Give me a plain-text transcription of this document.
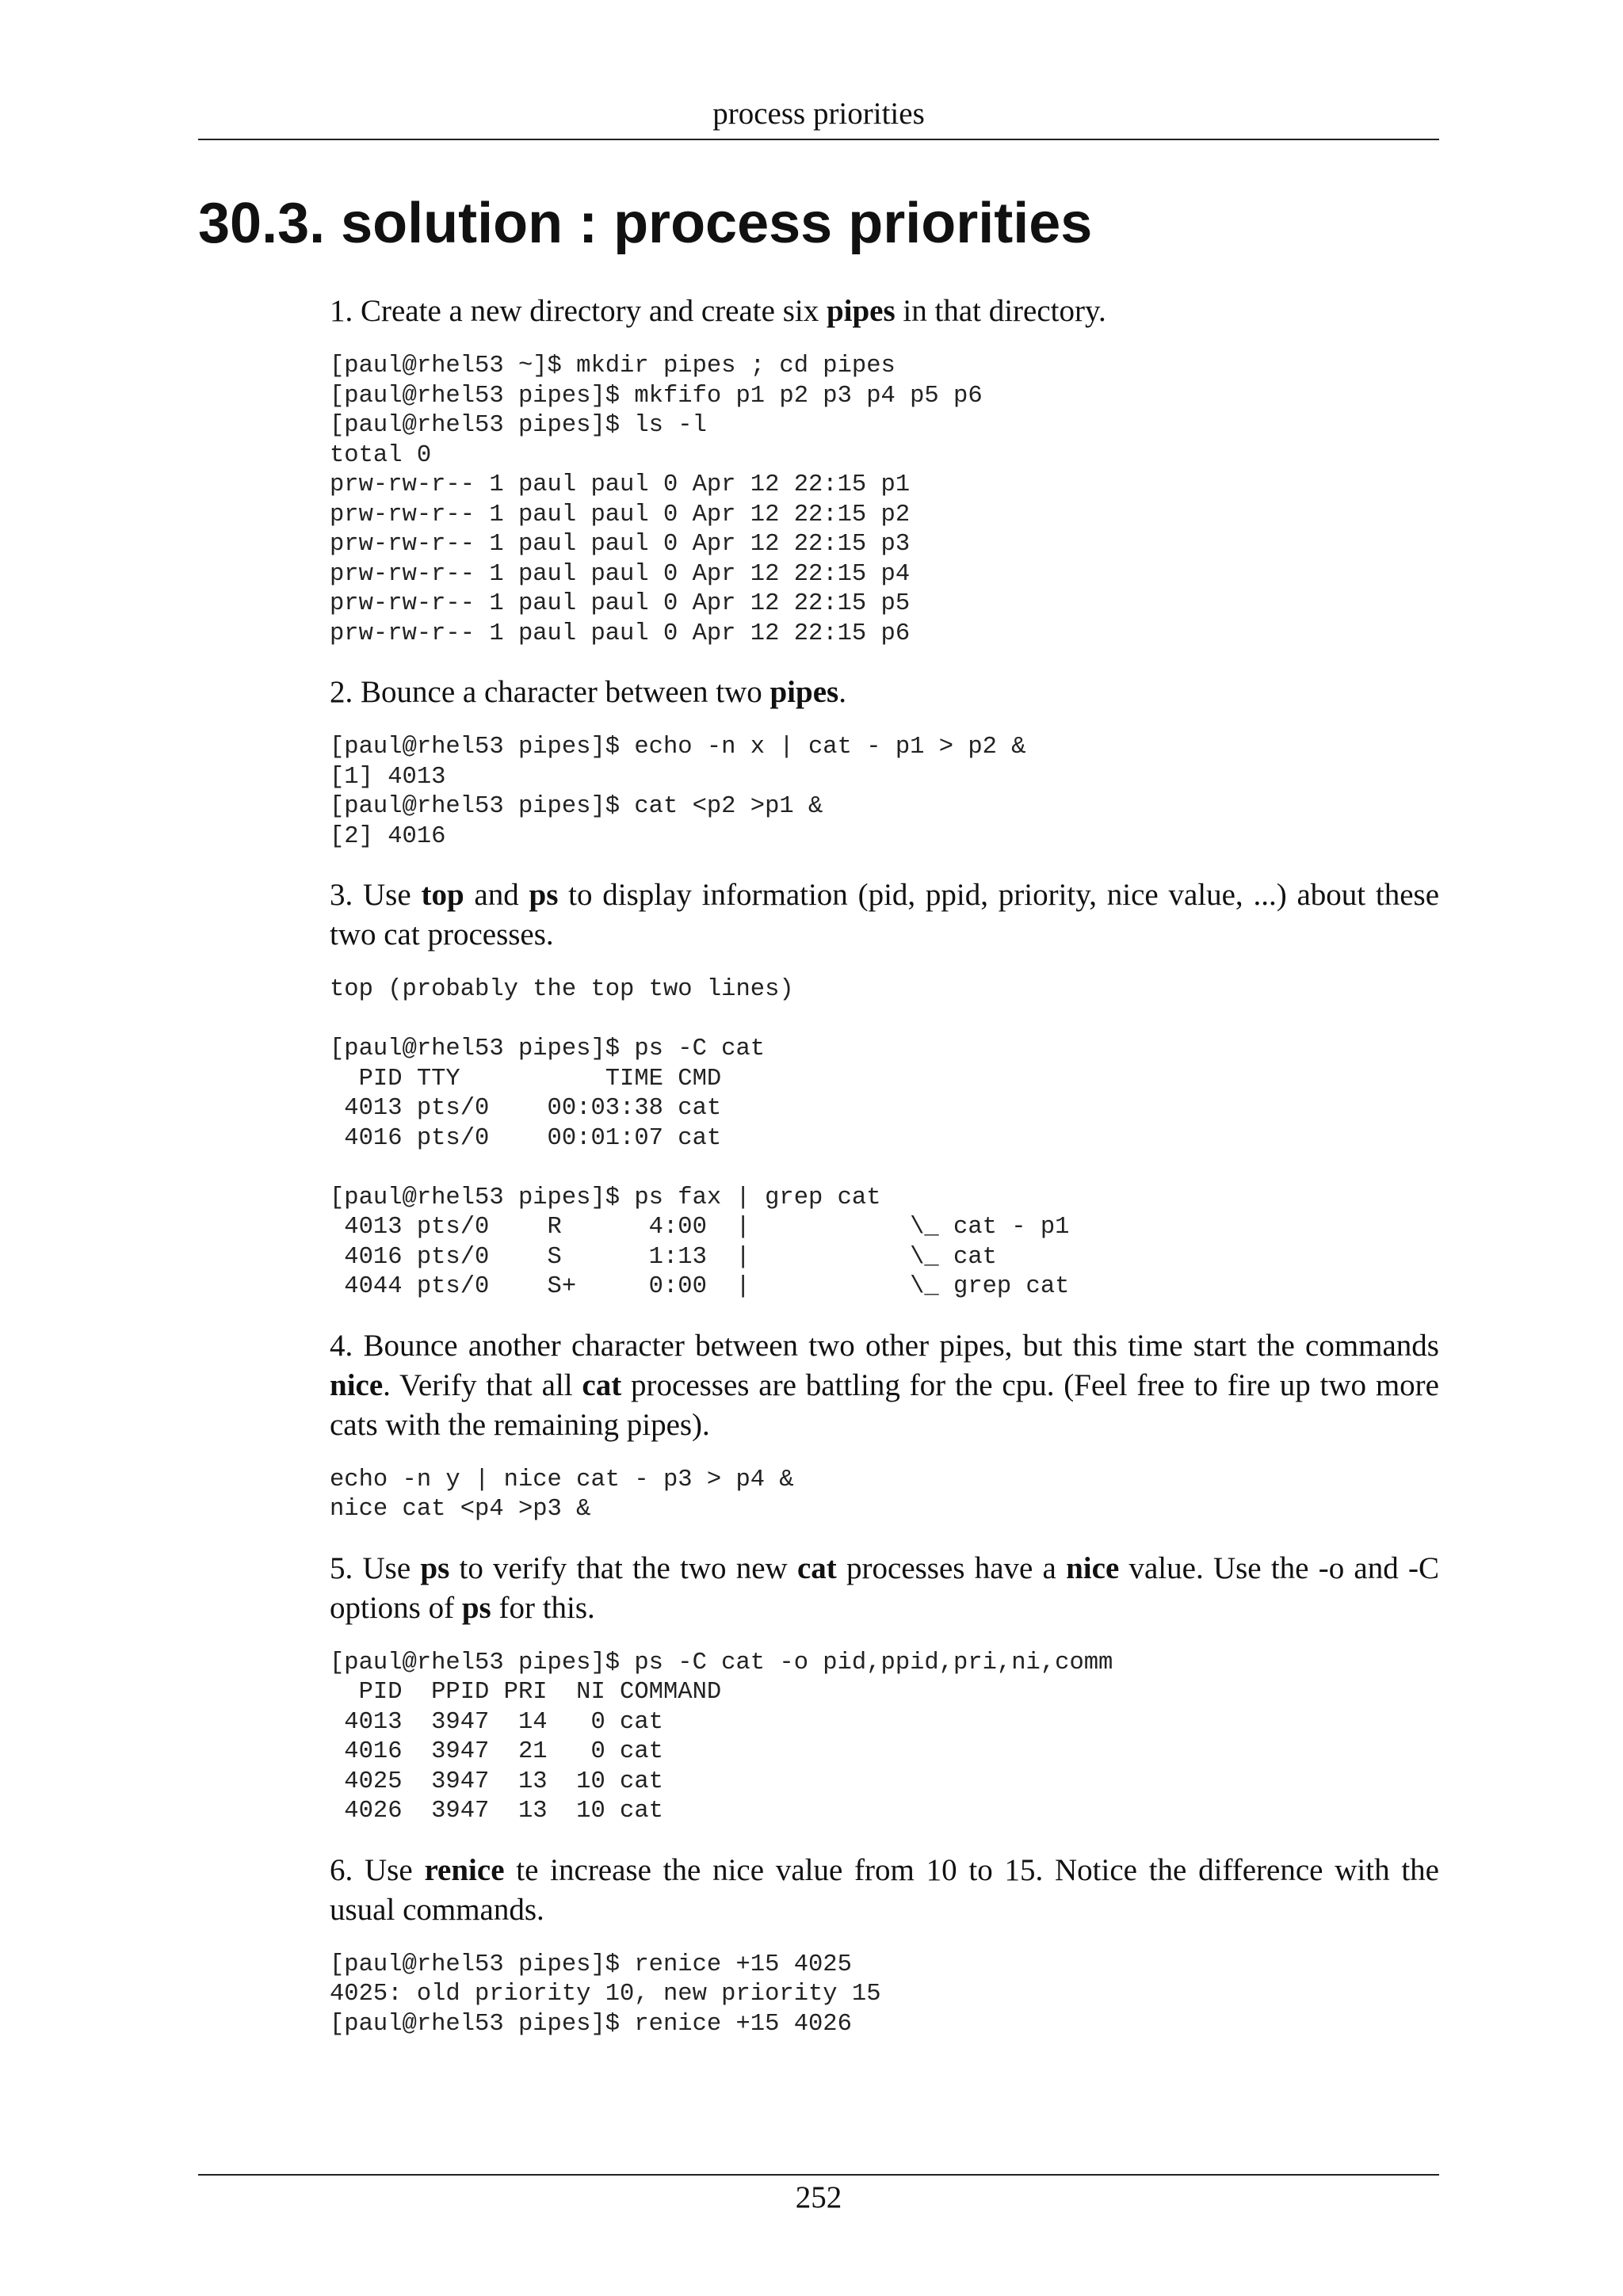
process priorities
30.3. solution : process priorities

1. Create a new directory and create six pipes in that directory.

[paul@rhel53 ~]$ mkdir pipes ; cd pipes
[paul@rhel53 pipes]$ mkfifo p1 p2 p3 p4 p5 p6
[paul@rhel53 pipes]$ ls -l
total 0
prw-rw-r-- 1 paul paul 0 Apr 12 22:15 p1
prw-rw-r-- 1 paul paul 0 Apr 12 22:15 p2
prw-rw-r-- 1 paul paul 0 Apr 12 22:15 p3
prw-rw-r-- 1 paul paul 0 Apr 12 22:15 p4
prw-rw-r-- 1 paul paul 0 Apr 12 22:15 p5
prw-rw-r-- 1 paul paul 0 Apr 12 22:15 p6

2. Bounce a character between two pipes.

[paul@rhel53 pipes]$ echo -n x | cat - p1 > p2 &
[1] 4013
[paul@rhel53 pipes]$ cat <p2 >p1 &
[2] 4016

3. Use top and ps to display information (pid, ppid, priority, nice value, ...) about these two cat processes.

top (probably the top two lines)

[paul@rhel53 pipes]$ ps -C cat
PID TTY          TIME CMD
4013 pts/0    00:03:38 cat
4016 pts/0    00:01:07 cat

[paul@rhel53 pipes]$ ps fax | grep cat
4013 pts/0    R      4:00  |           \_ cat - p1
4016 pts/0    S      1:13  |           \_ cat
4044 pts/0    S+     0:00  |           \_ grep cat

4. Bounce another character between two other pipes, but this time start the commands nice. Verify that all cat processes are battling for the cpu. (Feel free to fire up two more cats with the remaining pipes).

echo -n y | nice cat - p3 > p4 &
nice cat <p4 >p3 &

5. Use ps to verify that the two new cat processes have a nice value. Use the -o and -C options of ps for this.

[paul@rhel53 pipes]$ ps -C cat -o pid,ppid,pri,ni,comm
PID  PPID PRI  NI COMMAND
4013  3947  14   0 cat
4016  3947  21   0 cat
4025  3947  13  10 cat
4026  3947  13  10 cat

6. Use renice te increase the nice value from 10 to 15. Notice the difference with the usual commands.

[paul@rhel53 pipes]$ renice +15 4025
4025: old priority 10, new priority 15
[paul@rhel53 pipes]$ renice +15 4026
252
